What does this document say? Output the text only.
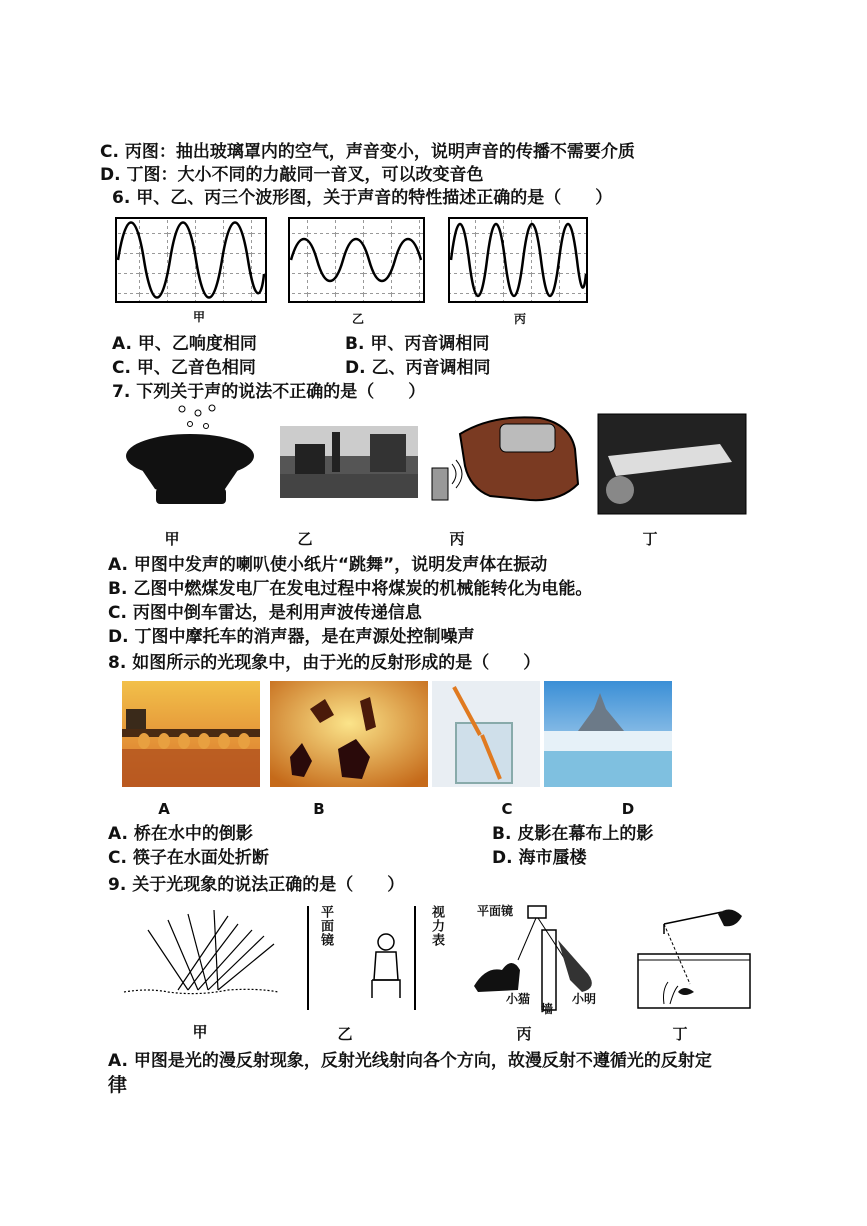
C. 丙图：抽出玻璃罩内的空气，声音变小，说明声音的传播不需要介质
D. 丁图：大小不同的力敲同一音叉，可以改变音色
6. 甲、乙、丙三个波形图，关于声音的特性描述正确的是（　　）
甲	乙	丙
A. 甲、乙响度相同	B. 甲、丙音调相同
C. 甲、乙音色相同	D. 乙、丙音调相同
7. 下列关于声的说法不正确的是（　　）
甲	乙	丙	丁
A. 甲图中发声的喇叭使小纸片“跳舞”，说明发声体在振动
B. 乙图中燃煤发电厂在发电过程中将煤炭的机械能转化为电能。
C. 丙图中倒车雷达，是利用声波传递信息
D. 丁图中摩托车的消声器，是在声源处控制噪声
8. 如图所示的光现象中，由于光的反射形成的是（　　）
A	B	C	D
A. 桥在水中的倒影	B. 皮影在幕布上的影
C. 筷子在水面处折断	D. 海市蜃楼
9. 关于光现象的说法正确的是（　　）
平面镜	视力表	平面镜
小猫	小明
墙
甲	乙	丙	丁
A. 甲图是光的漫反射现象，反射光线射向各个方向，故漫反射不遵循光的反射定
律
